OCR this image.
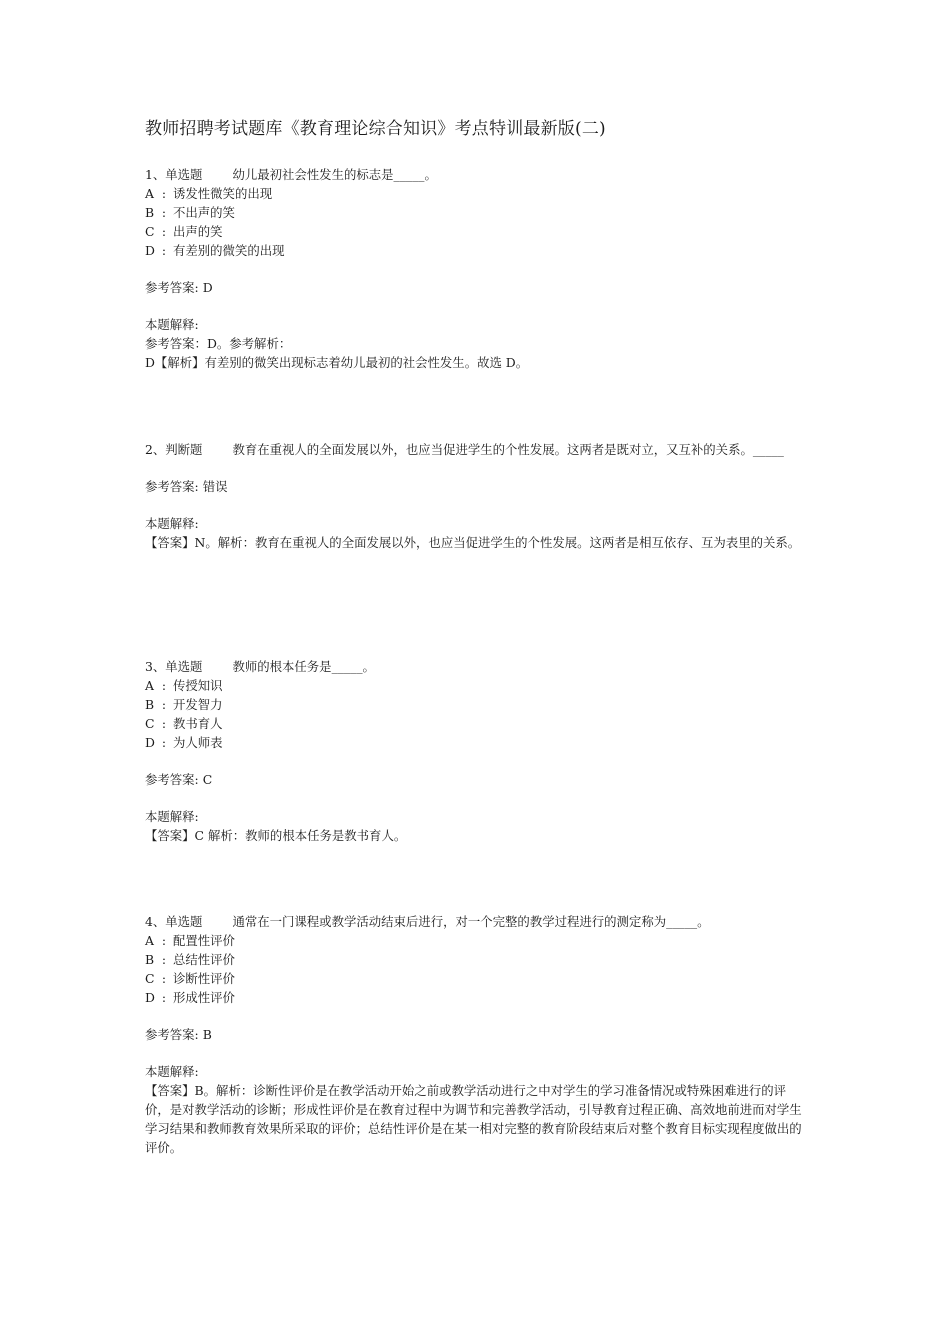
教师招聘考试题库《教育理论综合知识》考点特训最新版(二)
1、单选题 幼儿最初社会性发生的标志是_____。
A : 诱发性微笑的出现
B : 不出声的笑
C : 出声的笑
D : 有差别的微笑的出现
参考答案: D
本题解释:
参考答案：D。参考解析：
D【解析】有差别的微笑出现标志着幼儿最初的社会性发生。故选 D。
2、判断题 教育在重视人的全面发展以外，也应当促进学生的个性发展。这两者是既对立，又互补的关系。_____
参考答案: 错误
本题解释:
【答案】N。解析：教育在重视人的全面发展以外，也应当促进学生的个性发展。这两者是相互依存、互为表里的关系。
3、单选题 教师的根本任务是_____。
A : 传授知识
B : 开发智力
C : 教书育人
D : 为人师表
参考答案: C
本题解释:
【答案】C 解析：教师的根本任务是教书育人。
4、单选题 通常在一门课程或教学活动结束后进行，对一个完整的教学过程进行的测定称为_____。
A : 配置性评价
B : 总结性评价
C : 诊断性评价
D : 形成性评价
参考答案: B
本题解释:
【答案】B。解析：诊断性评价是在教学活动开始之前或教学活动进行之中对学生的学习准备情况或特殊困难进行的评价，是对教学活动的诊断；形成性评价是在教育过程中为调节和完善教学活动，引导教育过程正确、高效地前进而对学生学习结果和教师教育效果所采取的评价；总结性评价是在某一相对完整的教育阶段结束后对整个教育目标实现程度做出的评价。
